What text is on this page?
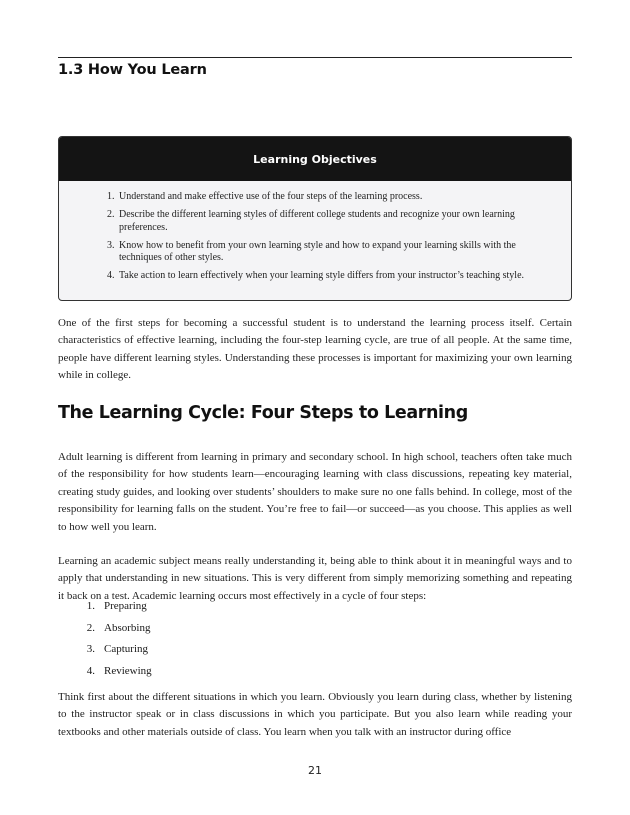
1.3 How You Learn
Learning Objectives
1. Understand and make effective use of the four steps of the learning process.
2. Describe the different learning styles of different college students and recognize your own learning preferences.
3. Know how to benefit from your own learning style and how to expand your learning skills with the techniques of other styles.
4. Take action to learn effectively when your learning style differs from your instructor’s teaching style.

One of the first steps for becoming a successful student is to understand the learning process itself. Certain characteristics of effective learning, including the four-step learning cycle, are true of all people. At the same time, people have different learning styles. Understanding these processes is important for maximizing your own learning while in college.

The Learning Cycle: Four Steps to Learning

Adult learning is different from learning in primary and secondary school. In high school, teachers often take much of the responsibility for how students learn—encouraging learning with class discussions, repeating key material, creating study guides, and looking over students’ shoulders to make sure no one falls behind. In college, most of the responsibility for learning falls on the student. You’re free to fail—or succeed—as you choose. This applies as well to how well you learn.

Learning an academic subject means really understanding it, being able to think about it in meaningful ways and to apply that understanding in new situations. This is very different from simply memorizing something and repeating it back on a test. Academic learning occurs most effectively in a cycle of four steps:

1. Preparing
2. Absorbing
3. Capturing
4. Reviewing

Think first about the different situations in which you learn. Obviously you learn during class, whether by listening to the instructor speak or in class discussions in which you participate. But you also learn while reading your textbooks and other materials outside of class. You learn when you talk with an instructor during office

21
